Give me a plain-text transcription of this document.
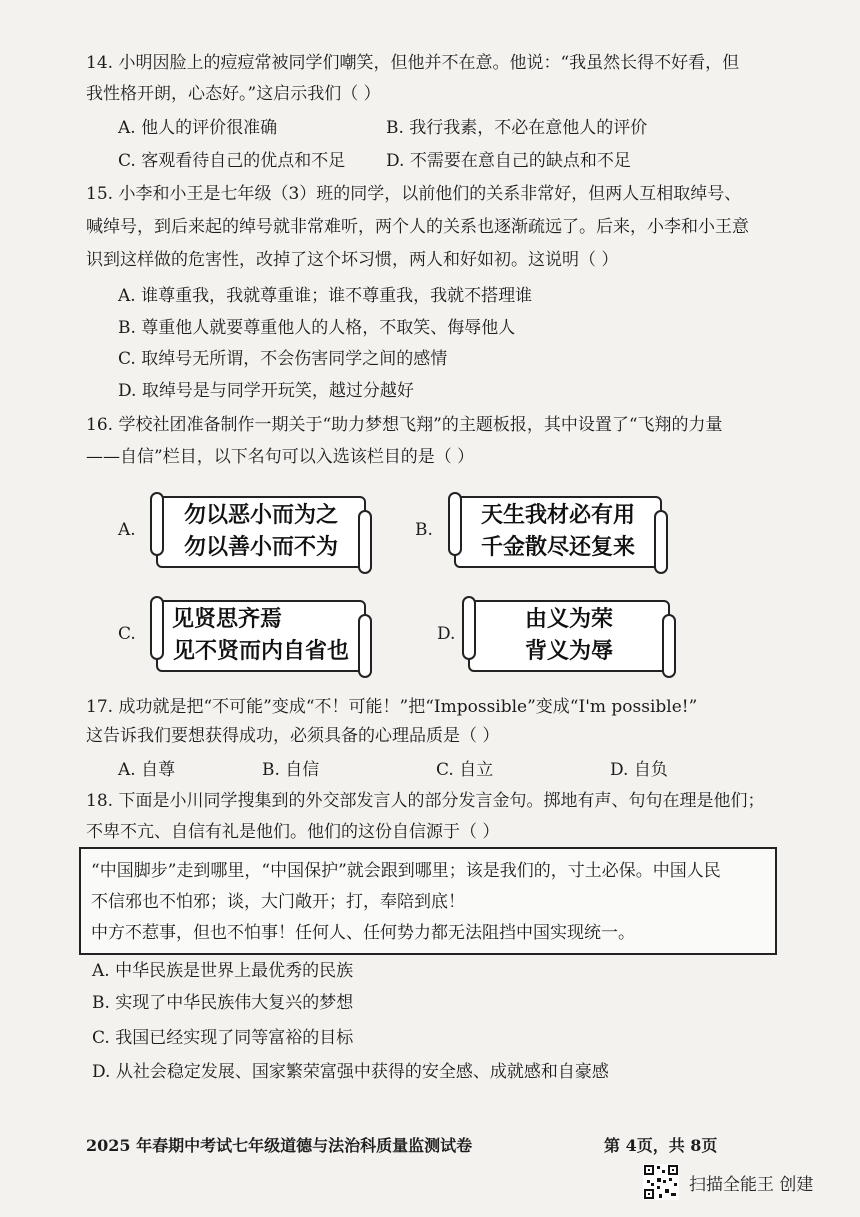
14. 小明因脸上的痘痘常被同学们嘲笑，但他并不在意。他说：“我虽然长得不好看，但
我性格开朗，心态好。”这启示我们（ ）
A. 他人的评价很准确	B. 我行我素，不必在意他人的评价
C. 客观看待自己的优点和不足 D. 不需要在意自己的缺点和不足
15. 小李和小王是七年级（3）班的同学，以前他们的关系非常好，但两人互相取绰号、
喊绰号，到后来起的绰号就非常难听，两个人的关系也逐渐疏远了。后来，小李和小王意
识到这样做的危害性，改掉了这个坏习惯，两人和好如初。这说明（ ）
A. 谁尊重我，我就尊重谁；谁不尊重我，我就不搭理谁
B. 尊重他人就要尊重他人的人格，不取笑、侮辱他人
C. 取绰号无所谓，不会伤害同学之间的感情
D. 取绰号是与同学开玩笑，越过分越好
16. 学校社团准备制作一期关于“助力梦想飞翔”的主题板报，其中设置了“飞翔的力量
——自信”栏目，以下名句可以入选该栏目的是（ ）
A.
勿以恶小而为之
勿以善小而不为
B.
天生我材必有用
千金散尽还复来
C.
见贤思齐焉
见不贤而内自省也
D.
由义为荣
背义为辱
17. 成功就是把“不可能”变成“不！可能！”把“Impossible”变成“I'm possible!”
这告诉我们要想获得成功，必须具备的心理品质是（ ）
A. 自尊	B. 自信	C. 自立	D. 自负
18. 下面是小川同学搜集到的外交部发言人的部分发言金句。掷地有声、句句在理是他们；
不卑不亢、自信有礼是他们。他们的这份自信源于（ ）
“中国脚步”走到哪里，“中国保护”就会跟到哪里；该是我们的，寸土必保。中国人民
不信邪也不怕邪；谈，大门敞开；打，奉陪到底！
中方不惹事，但也不怕事！任何人、任何势力都无法阻挡中国实现统一。
A. 中华民族是世界上最优秀的民族
B. 实现了中华民族伟大复兴的梦想
C. 我国已经实现了同等富裕的目标
D. 从社会稳定发展、国家繁荣富强中获得的安全感、成就感和自豪感
2025 年春期中考试七年级道德与法治科质量监测试卷	第 4页，共 8页
扫描全能王 创建
